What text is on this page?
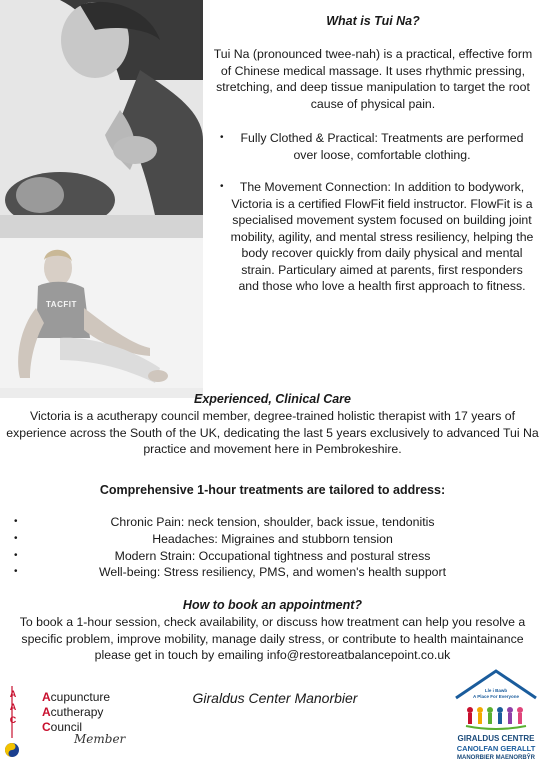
TACFIT
What is Tui Na?

Tui Na (pronounced twee-nah) is a practical, effective form of Chinese medical massage. It uses rhythmic pressing, stretching, and deep tissue manipulation to target the root cause of physical pain.

• Fully Clothed & Practical: Treatments are performed over loose, comfortable clothing.
• The Movement Connection: In addition to bodywork, Victoria is a certified FlowFit field instructor. FlowFit is a specialised movement system focused on building joint mobility, agility, and mental stress resiliency, helping the body recover quickly from daily physical and mental strain. Particulary aimed at parents, first responders and those who love a health first approach to fitness.
Experienced, Clinical Care

Victoria is a acutherapy council member, degree-trained holistic therapist with 17 years of experience across the South of the UK, dedicating the last 5 years exclusively to advanced Tui Na practice and movement here in Pembrokeshire.

Comprehensive 1-hour treatments are tailored to address:
•	Chronic Pain: neck tension, shoulder, back issue, tendonitis
•	Headaches: Migraines and stubborn tension
•	Modern Strain: Occupational tightness and postural stress
•	Well-being: Stress resiliency, PMS, and women's health support
How to book an appointment?

To book a 1-hour session, check availability, or discuss how treatment can help you resolve a specific problem, improve mobility, manage daily stress, or contribute to health maintainance please get in touch by emailing info@restoreatbalancepoint.co.uk

A
A
C
Acupuncture
Acutherapy
Council
Member
Giraldus Center Manorbier	Lle i Bawb
A Place For Everyone
GIRALDUS CENTRE
CANOLFAN GERALLT
MANORBIER MAENORBŶR
